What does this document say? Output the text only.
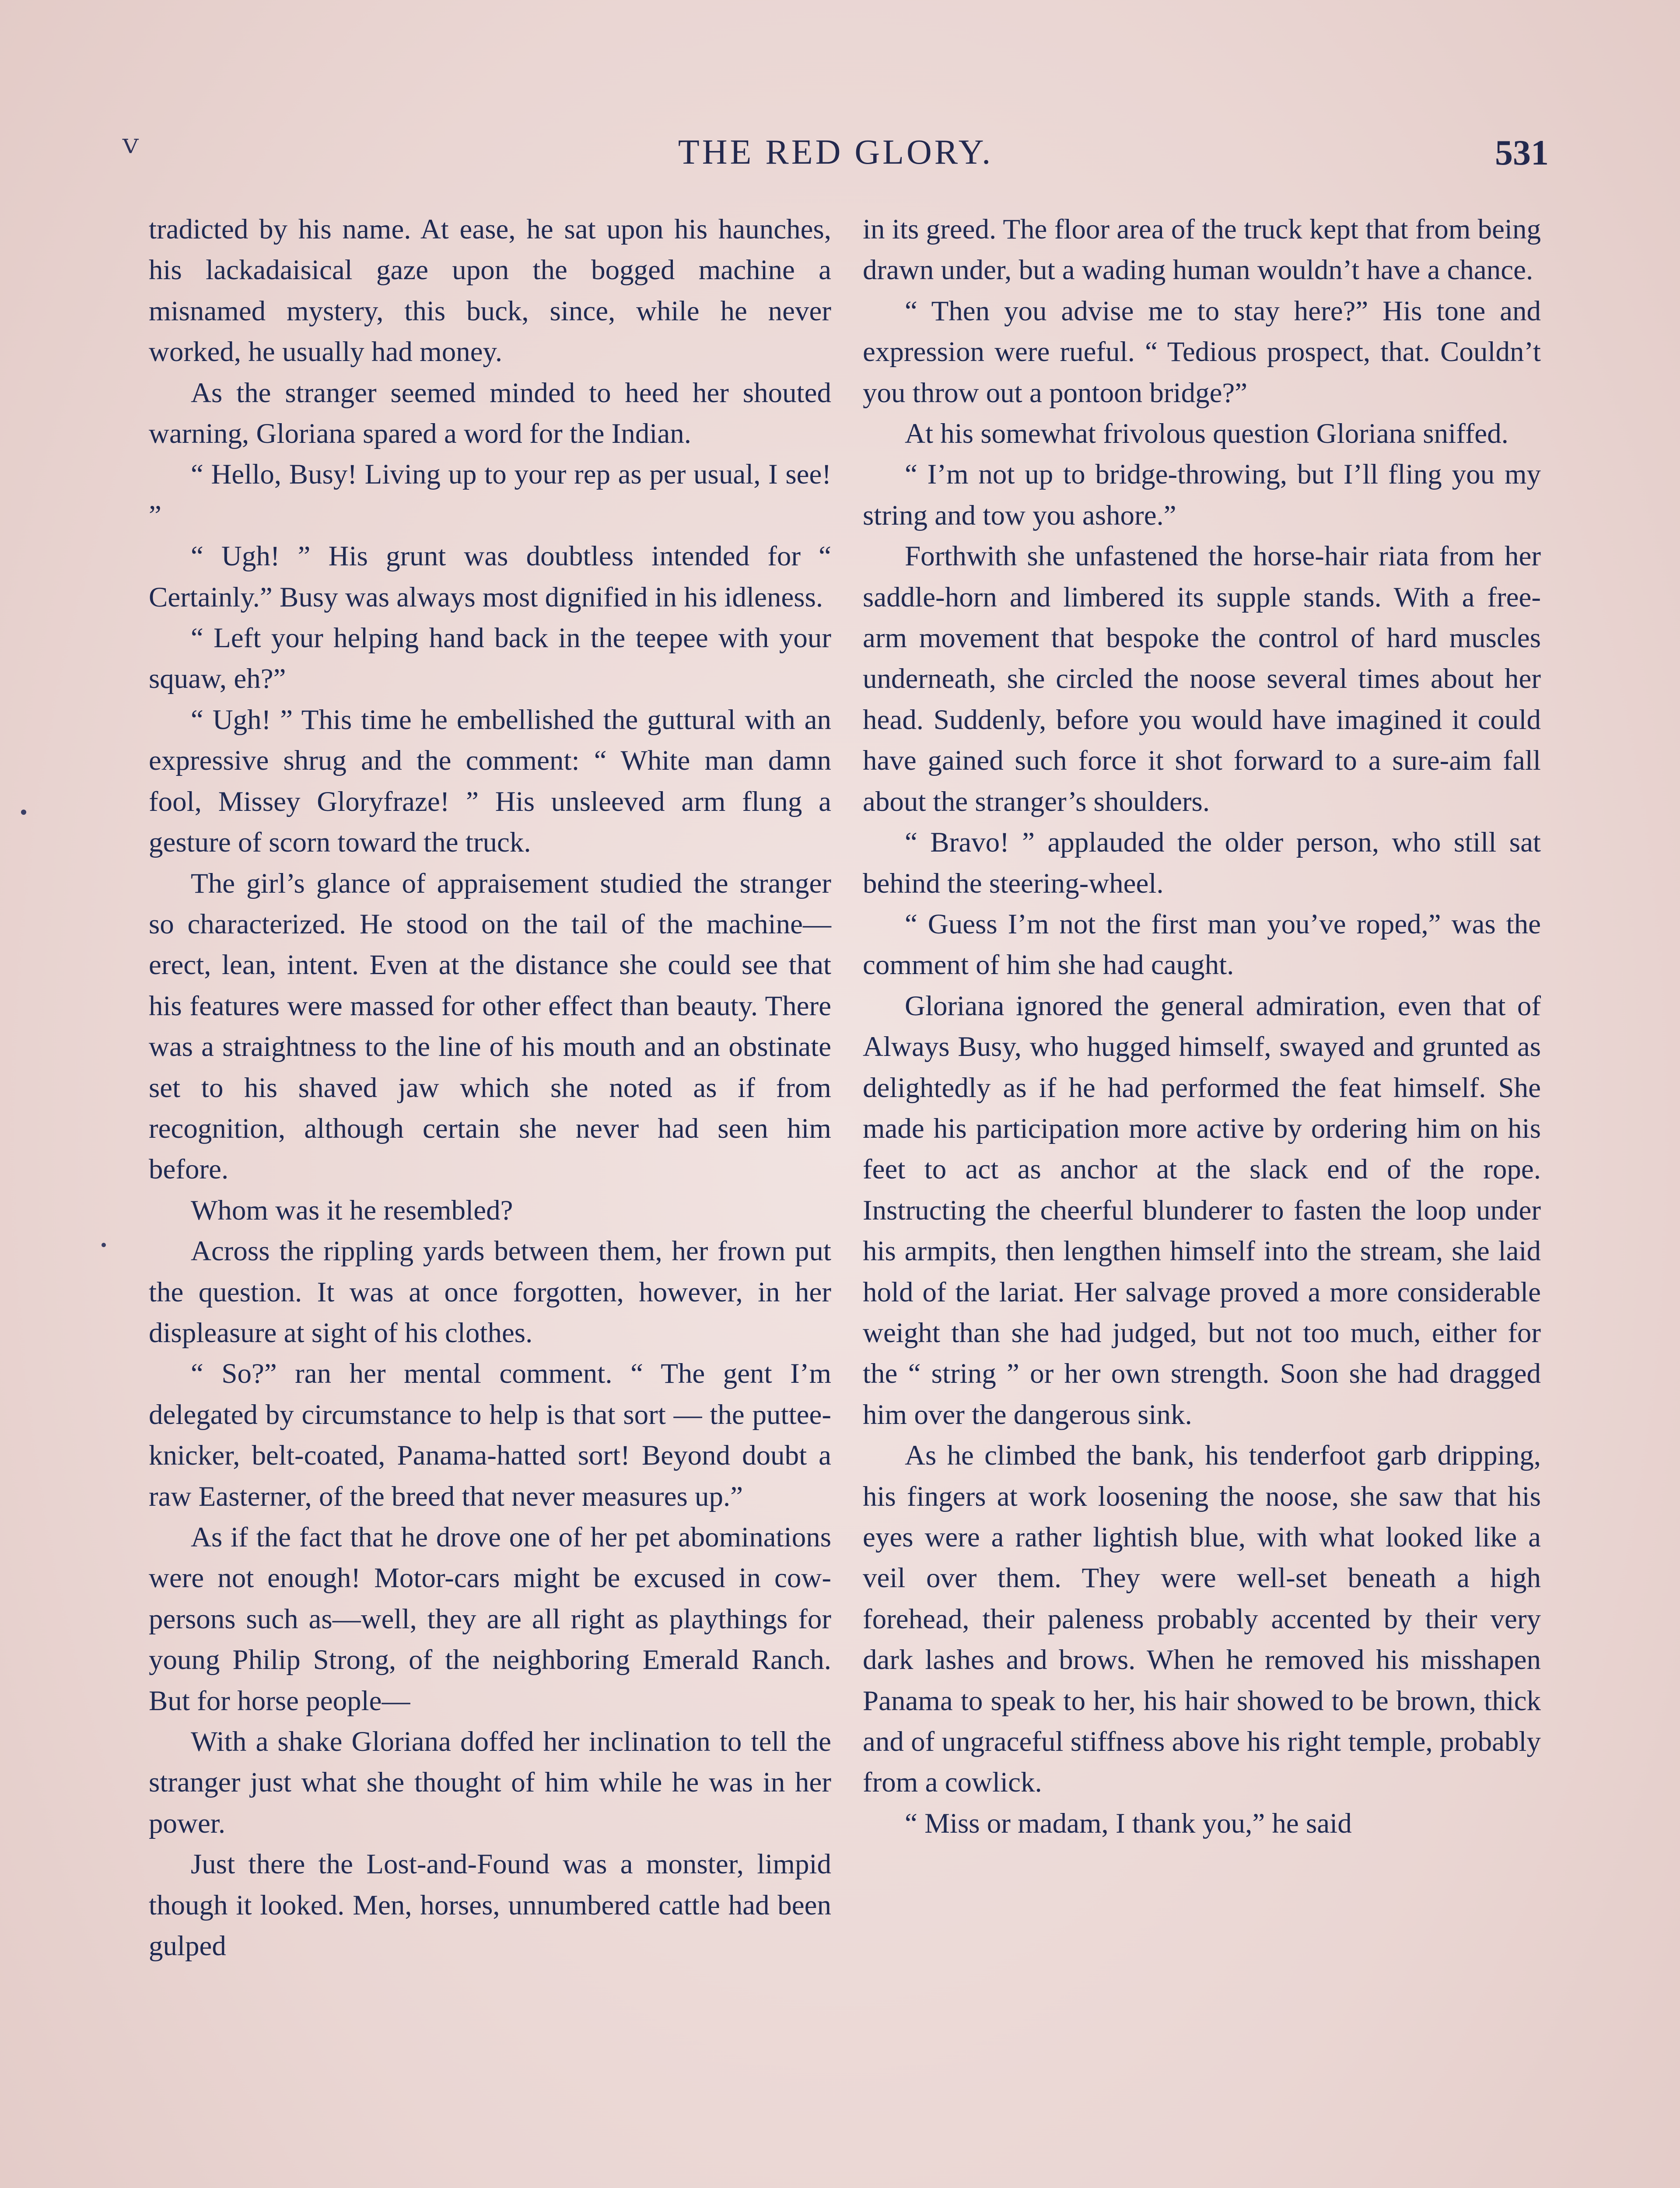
ⱽ	THE RED GLORY.	531

tradicted by his name. At ease, he sat upon his haunches, his lackadaisical gaze upon the bogged machine a misnamed mystery, this buck, since, while he never worked, he usually had money.

As the stranger seemed minded to heed her shouted warning, Gloriana spared a word for the Indian.

“ Hello, Busy! Living up to your rep as per usual, I see! ”

“ Ugh! ” His grunt was doubtless intended for “ Certainly.” Busy was always most dignified in his idleness.

“ Left your helping hand back in the teepee with your squaw, eh?”

“ Ugh! ” This time he embellished the guttural with an expressive shrug and the comment: “ White man damn fool, Missey Gloryfraze! ” His unsleeved arm flung a gesture of scorn toward the truck.

The girl’s glance of appraisement studied the stranger so characterized. He stood on the tail of the machine—erect, lean, intent. Even at the distance she could see that his features were massed for other effect than beauty. There was a straightness to the line of his mouth and an obstinate set to his shaved jaw which she noted as if from recognition, although certain she never had seen him before.

Whom was it he resembled?

Across the rippling yards between them, her frown put the question. It was at once forgotten, however, in her displeasure at sight of his clothes.

“ So?” ran her mental comment. “ The gent I’m delegated by circumstance to help is that sort — the puttee-knicker, belt-coated, Panama-hatted sort! Beyond doubt a raw Easterner, of the breed that never measures up.”

As if the fact that he drove one of her pet abominations were not enough! Motor-cars might be excused in cow-persons such as—well, they are all right as playthings for young Philip Strong, of the neighboring Emerald Ranch. But for horse people—

With a shake Gloriana doffed her inclination to tell the stranger just what she thought of him while he was in her power.

Just there the Lost-and-Found was a monster, limpid though it looked. Men, horses, unnumbered cattle had been gulped

in its greed. The floor area of the truck kept that from being drawn under, but a wading human wouldn’t have a chance.

“ Then you advise me to stay here?” His tone and expression were rueful. “ Tedious prospect, that. Couldn’t you throw out a pontoon bridge?”

At his somewhat frivolous question Gloriana sniffed.

“ I’m not up to bridge-throwing, but I’ll fling you my string and tow you ashore.”

Forthwith she unfastened the horse-hair riata from her saddle-horn and limbered its supple stands. With a free-arm movement that bespoke the control of hard muscles underneath, she circled the noose several times about her head. Suddenly, before you would have imagined it could have gained such force it shot forward to a sure-aim fall about the stranger’s shoulders.

“ Bravo! ” applauded the older person, who still sat behind the steering-wheel.

“ Guess I’m not the first man you’ve roped,” was the comment of him she had caught.

Gloriana ignored the general admiration, even that of Always Busy, who hugged himself, swayed and grunted as delightedly as if he had performed the feat himself. She made his participation more active by ordering him on his feet to act as anchor at the slack end of the rope. Instructing the cheerful blunderer to fasten the loop under his armpits, then lengthen himself into the stream, she laid hold of the lariat. Her salvage proved a more considerable weight than she had judged, but not too much, either for the “ string ” or her own strength. Soon she had dragged him over the dangerous sink.

As he climbed the bank, his tenderfoot garb dripping, his fingers at work loosening the noose, she saw that his eyes were a rather lightish blue, with what looked like a veil over them. They were well-set beneath a high forehead, their paleness probably accented by their very dark lashes and brows. When he removed his misshapen Panama to speak to her, his hair showed to be brown, thick and of ungraceful stiffness above his right temple, probably from a cowlick.

“ Miss or madam, I thank you,” he said
